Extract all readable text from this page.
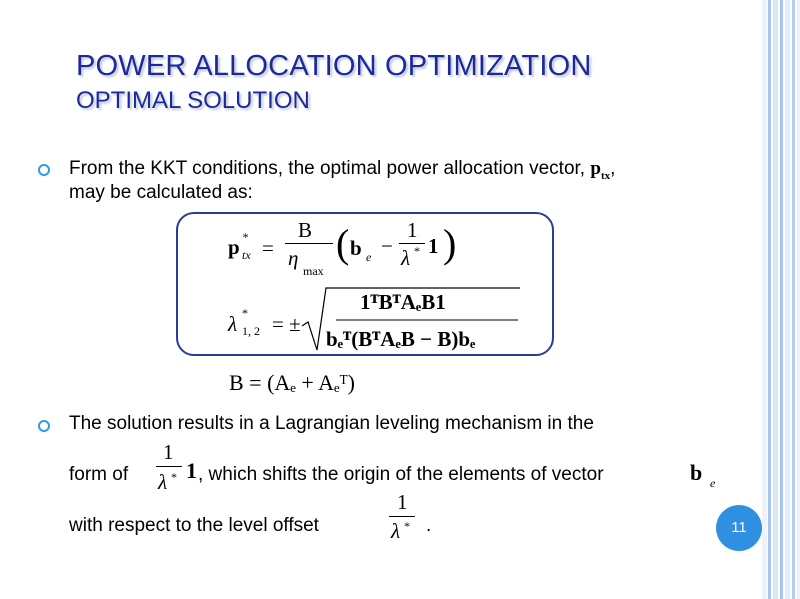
POWER ALLOCATION OPTIMIZATION
OPTIMAL SOLUTION
From the KKT conditions, the optimal power allocation vector, $p_{tx}$,
may be calculated as:
p *
tx =
B
η
max
( b e −
1
λ * 1 )
λ *
1, 2 = ±
1ᵀBᵀAₑB1
bₑᵀ(BᵀAₑB − B)bₑ
B = (Aₑ + Aₑᵀ)
The solution results in a Lagrangian leveling mechanism in the
form of
1
λ * 1 , which shifts the origin of the elements of vector	b e
with respect to the level offset
1
λ * .	11
